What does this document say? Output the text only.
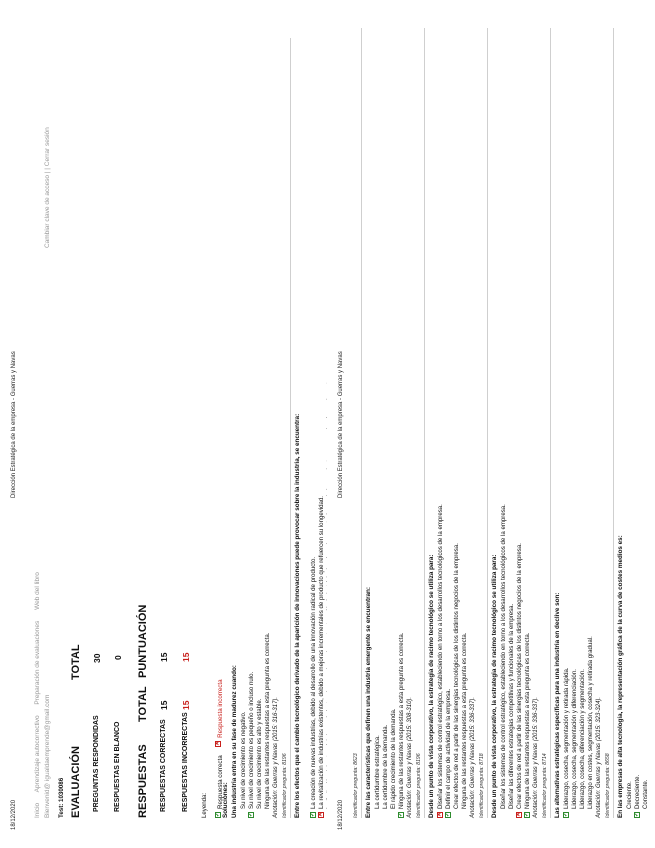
18/12/2020
Dirección Estratégica de la empresa - Guerras y Navas
Inicio Aprendizaje autocorrectivo Preparación de evaluaciones Web del libro
Bienvenid@ igualdaemprende@gmail.com
Cambiar clave de acceso | | Cerrar sesión
Test: 1030086 EVALUACIÓN
TOTAL
PREGUNTAS RESPONDIDAS
30
RESPUESTAS EN BLANCO
0
RESPUESTAS
TOTAL
PUNTUACIÓN
RESPUESTAS CORRECTAS
15
15
RESPUESTAS INCORRECTAS
15
15
Leyenda:	✓Respuesta correcta ✕Respuesta incorrecta
Soluciones: Una industria entra en su fase de madurez cuando: Su nivel de crecimiento es negativo.
✓Su nivel de crecimiento es pequeño o incluso nulo. Su nivel de crecimiento es alto y estable. Ninguna de las restantes respuestas a esta pregunta es correcta. Anotación: Guerras y Navas (2015: 316-317). Identificador pregunta: 8196 Entre los efectos que el cambio tecnológico derivado de la aparición de innovaciones puede provocar sobre la industria, se encuentra: ✓La creación de nuevas industrias, debido al desarrollo de una innovación radical de producto.
✕La revitalización de industrias existentes, debido a mejoras incrementales de producto que refuercen su longevidad.
18/12/2020
Dirección Estratégica de la empresa - Guerras y Navas
Identificador pregunta: 8623 Entre las características que definen una industria emergente se encuentran: La certidumbre estratégica. La certidumbre de la demanda. El rápido crecimiento de la demanda.
✓Ninguna de las restantes respuestas a esta pregunta es correcta. Anotación: Guerras y Navas (2015: 308-310). Identificador pregunta: 8196 Desde un punto de vista corporativo, la estrategia de racimo tecnológico se utiliza para: ✕Diseñar los sistemas de control estratégico, estableciendo en torno a los desarrollos tecnológicos de la empresa.
✓Definir el campo de actividad de la empresa. Crear efectos de red a partir de las sinergias tecnológicas de los distintos negocios de la empresa. Ninguna de las restantes respuestas a esta pregunta es correcta. Anotación: Guerras y Navas (2015: 336-337). Identificador pregunta: 8718 Desde un punto de vista corporativo, la estrategia de racimo tecnológico se utiliza para: Diseñar los sistemas de control estratégico, estableciendo en torno a los desarrollos tecnológicos de la empresa. Diseñar las diferentes estrategias competitivas y funcionales de la empresa.
✕Crear efectos de red a partir de las sinergias tecnológicas de los distintos negocios de la empresa.
✓Ninguna de las restantes respuestas a esta pregunta es correcta. Anotación: Guerras y Navas (2015: 336-337). Identificador pregunta: 8714 Las alternativas estratégicas específicas para una industria en declive son: ✓Liderazgo, cosecha, segmentación y retirada rápida. Liderazgo, cosecha, segmentación y diferenciación. Liderazgo, cosecha, diferenciación y segmentación. Liderazgo en costes, segmentación, cosecha y retirada gradual. Anotación: Guerras y Navas (2015: 323-324). Identificador pregunta: 8658 En las empresas de alta tecnología, la representación gráfica de la curva de costes medios es: Creciente.
✓Decreciente. Constante.
